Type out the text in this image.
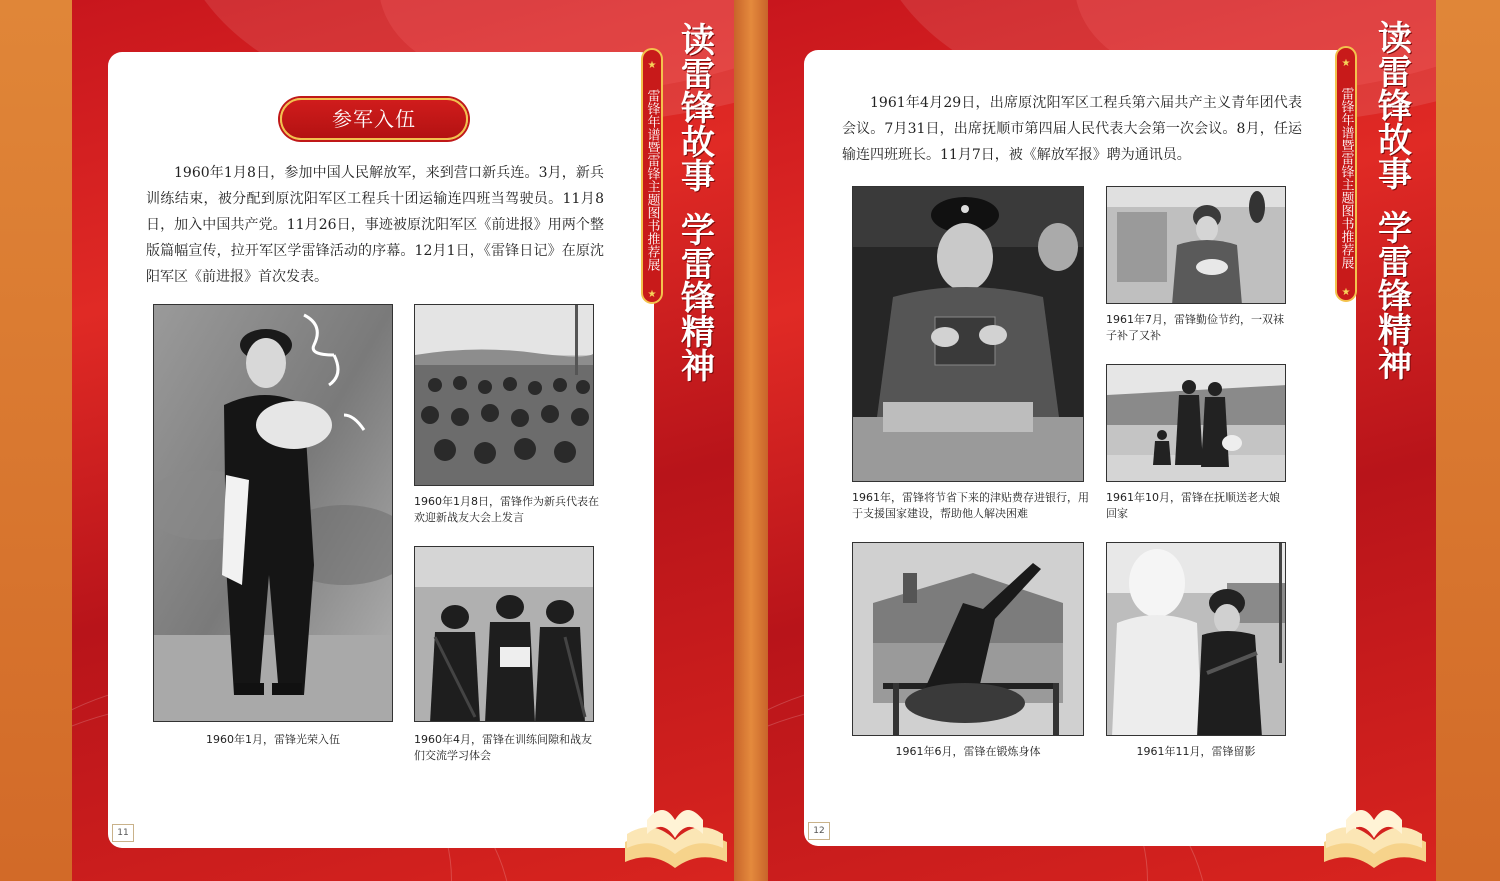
参军入伍
1960年1月8日，参加中国人民解放军，来到营口新兵连。3月，新兵训练结束，被分配到原沈阳军区工程兵十团运输连四班当驾驶员。11月8日，加入中国共产党。11月26日，事迹被原沈阳军区《前进报》用两个整版篇幅宣传，拉开军区学雷锋活动的序幕。12月1日，《雷锋日记》在原沈阳军区《前进报》首次发表。
1960年1月，雷锋光荣入伍
1960年1月8日，雷锋作为新兵代表在欢迎新战友大会上发言
1960年4月，雷锋在训练间隙和战友们交流学习体会
11
★
雷锋年谱暨雷锋主题图书推荐展
★
读雷锋故事
学雷锋精神
1961年4月29日，出席原沈阳军区工程兵第六届共产主义青年团代表会议。7月31日，出席抚顺市第四届人民代表大会第一次会议。8月，任运输连四班班长。11月7日，被《解放军报》聘为通讯员。
1961年，雷锋将节省下来的津贴费存进银行，用于支援国家建设，帮助他人解决困难
1961年7月，雷锋勤俭节约，一双袜子补了又补
1961年10月，雷锋在抚顺送老大娘回家
1961年6月，雷锋在锻炼身体	1961年11月，雷锋留影
12
★
雷锋年谱暨雷锋主题图书推荐展
★
读雷锋故事
学雷锋精神
